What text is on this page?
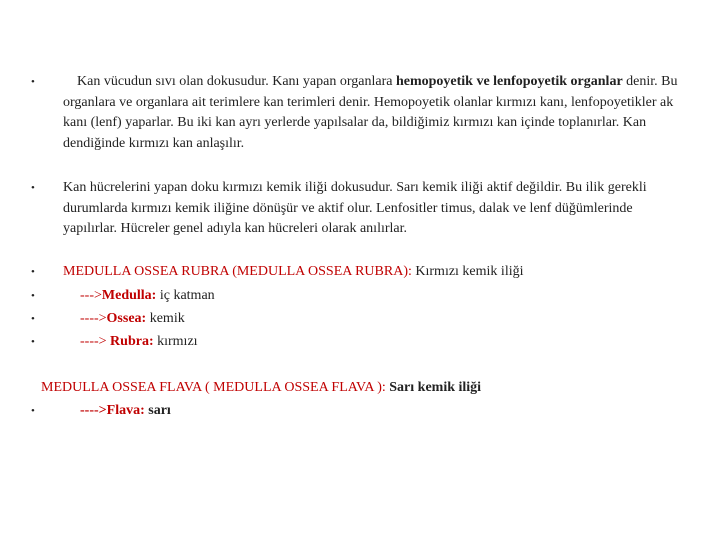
•	Kan vücudun sıvı olan dokusudur. Kanı yapan organlara hemopoyetik ve lenfopoyetik organlar denir. Bu organlara ve organlara ait terimlere kan terimleri denir. Hemopoyetik olanlar kırmızı kanı, lenfopoyetikler ak kanı (lenf) yaparlar. Bu iki kan ayrı yerlerde yapılsalar da, bildiğimiz kırmızı kan içinde toplanırlar. Kan dendiğinde kırmızı kan anlaşılır.
• Kan hücrelerini yapan doku kırmızı kemik iliği dokusudur. Sarı kemik iliği aktif değildir. Bu ilik gerekli durumlarda kırmızı kemik iliğine dönüşür ve aktif olur. Lenfositler timus, dalak ve lenf düğümlerinde yapılırlar. Hücreler genel adıyla kan hücreleri olarak anılırlar.
• MEDULLA OSSEA RUBRA (MEDULLA OSSEA RUBRA): Kırmızı kemik iliği
•	--->Medulla: iç katman
•	---->Ossea: kemik
•	----> Rubra: kırmızı
MEDULLA OSSEA FLAVA ( MEDULLA OSSEA FLAVA ): Sarı kemik iliği
•	---->Flava: sarı
